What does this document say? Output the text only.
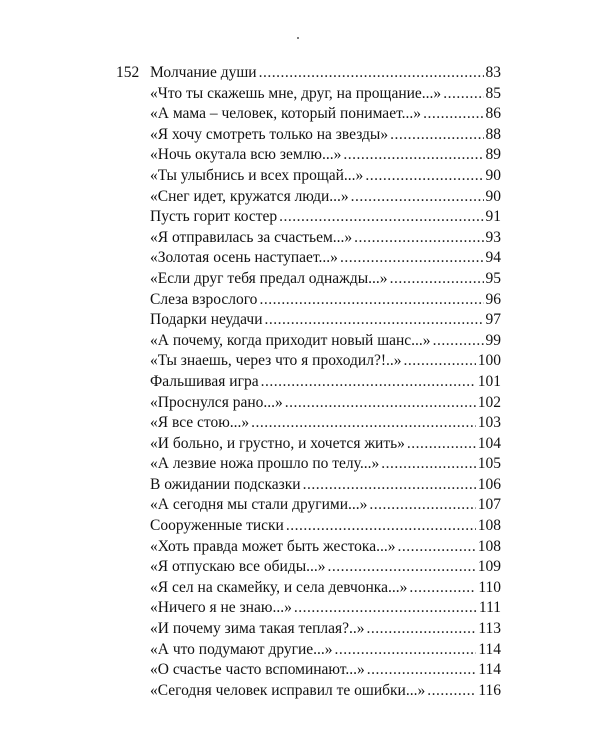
152 Молчание души .....	83
«Что ты скажешь мне, друг, на прощание...» .....	85
«А мама – человек, который понимает...» .....	86
«Я хочу смотреть только на звезды» .....	88
«Ночь окутала всю землю...» .....	89
«Ты улыбнись и всех прощай...» .....	90
«Снег идет, кружатся люди...» .....	90
Пусть горит костер .....	91
«Я отправилась за счастьем...» .....	93
«Золотая осень наступает...» .....	94
«Если друг тебя предал однажды...» .....	95
Слеза взрослого .....	96
Подарки неудачи .....	97
«А почему, когда приходит новый шанс...» .....	99
«Ты знаешь, через что я проходил?!..» .....	100
Фальшивая игра .....	101
«Проснулся рано...» .....	102
«Я все стою...» .....	103
«И больно, и грустно, и хочется жить» .....	104
«А лезвие ножа прошло по телу...» .....	105
В ожидании подсказки .....	106
«А сегодня мы стали другими...» .....	107
Сооруженные тиски .....	108
«Хоть правда может быть жестока...» .....	108
«Я отпускаю все обиды...» .....	109
«Я сел на скамейку, и села девчонка...» .....	110
«Ничего я не знаю...» .....	111
«И почему зима такая теплая?..» .....	113
«А что подумают другие...» .....	114
«О счастье часто вспоминают...» .....	114
«Сегодня человек исправил те ошибки...» .....	116
